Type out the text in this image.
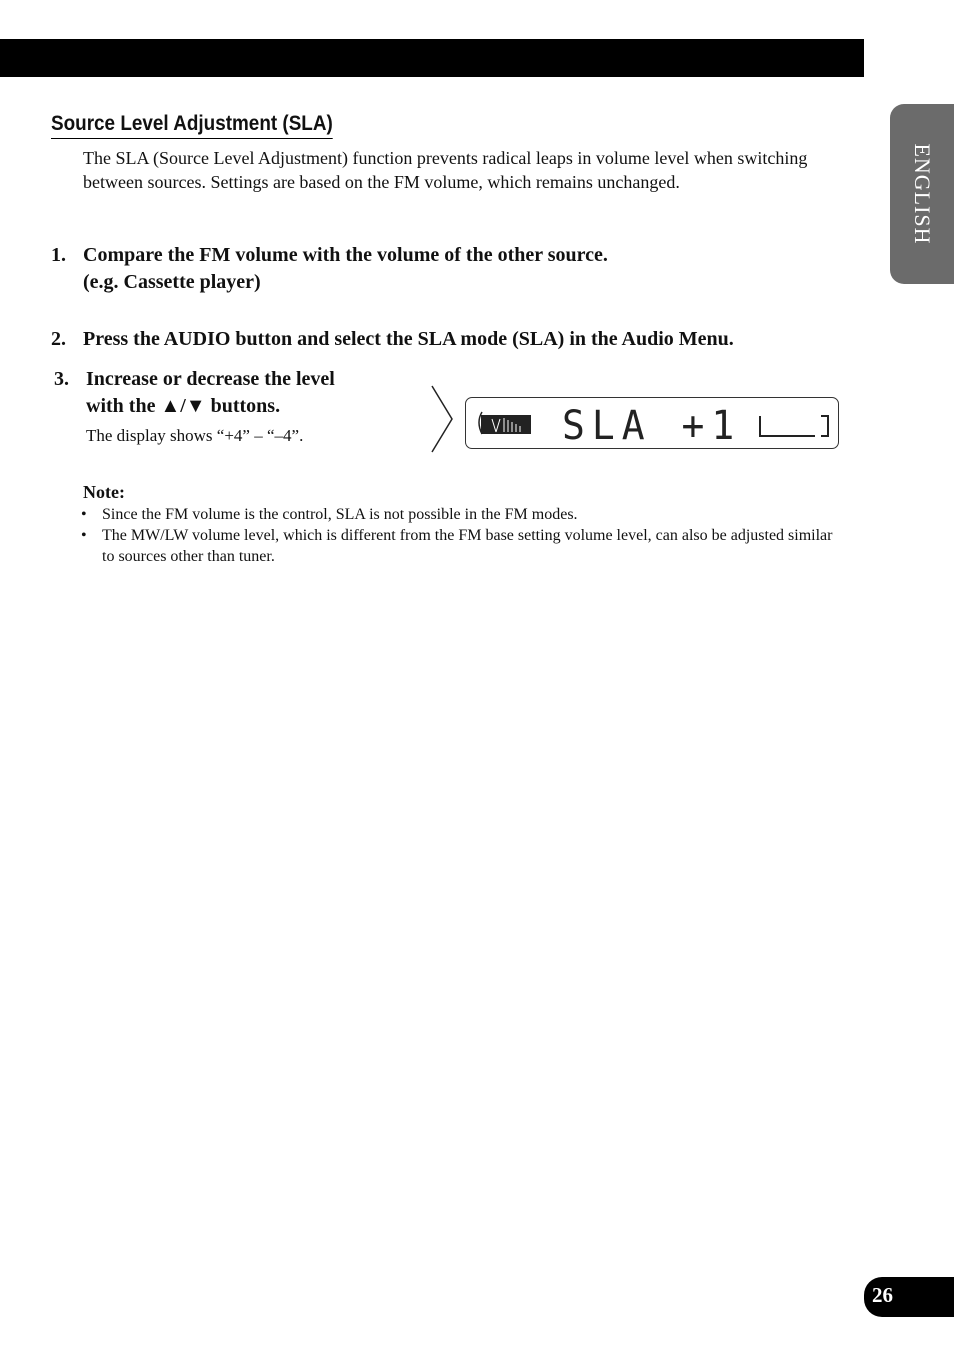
ENGLISH
Source Level Adjustment (SLA)
The SLA (Source Level Adjustment) function prevents radical leaps in volume level when switching between sources. Settings are based on the FM volume, which remains unchanged.
1. Compare the FM volume with the volume of the other source.
(e.g. Cassette player)
2. Press the AUDIO button and select the SLA mode (SLA) in the Audio Menu.
3. Increase or decrease the level
with the ▲/▼ buttons.
The display shows “+4” – “–4”.	SLA +1
Note:
• Since the FM volume is the control, SLA is not possible in the FM modes.
• The MW/LW volume level, which is different from the FM base setting volume level, can also be adjusted similar to sources other than tuner.
26
